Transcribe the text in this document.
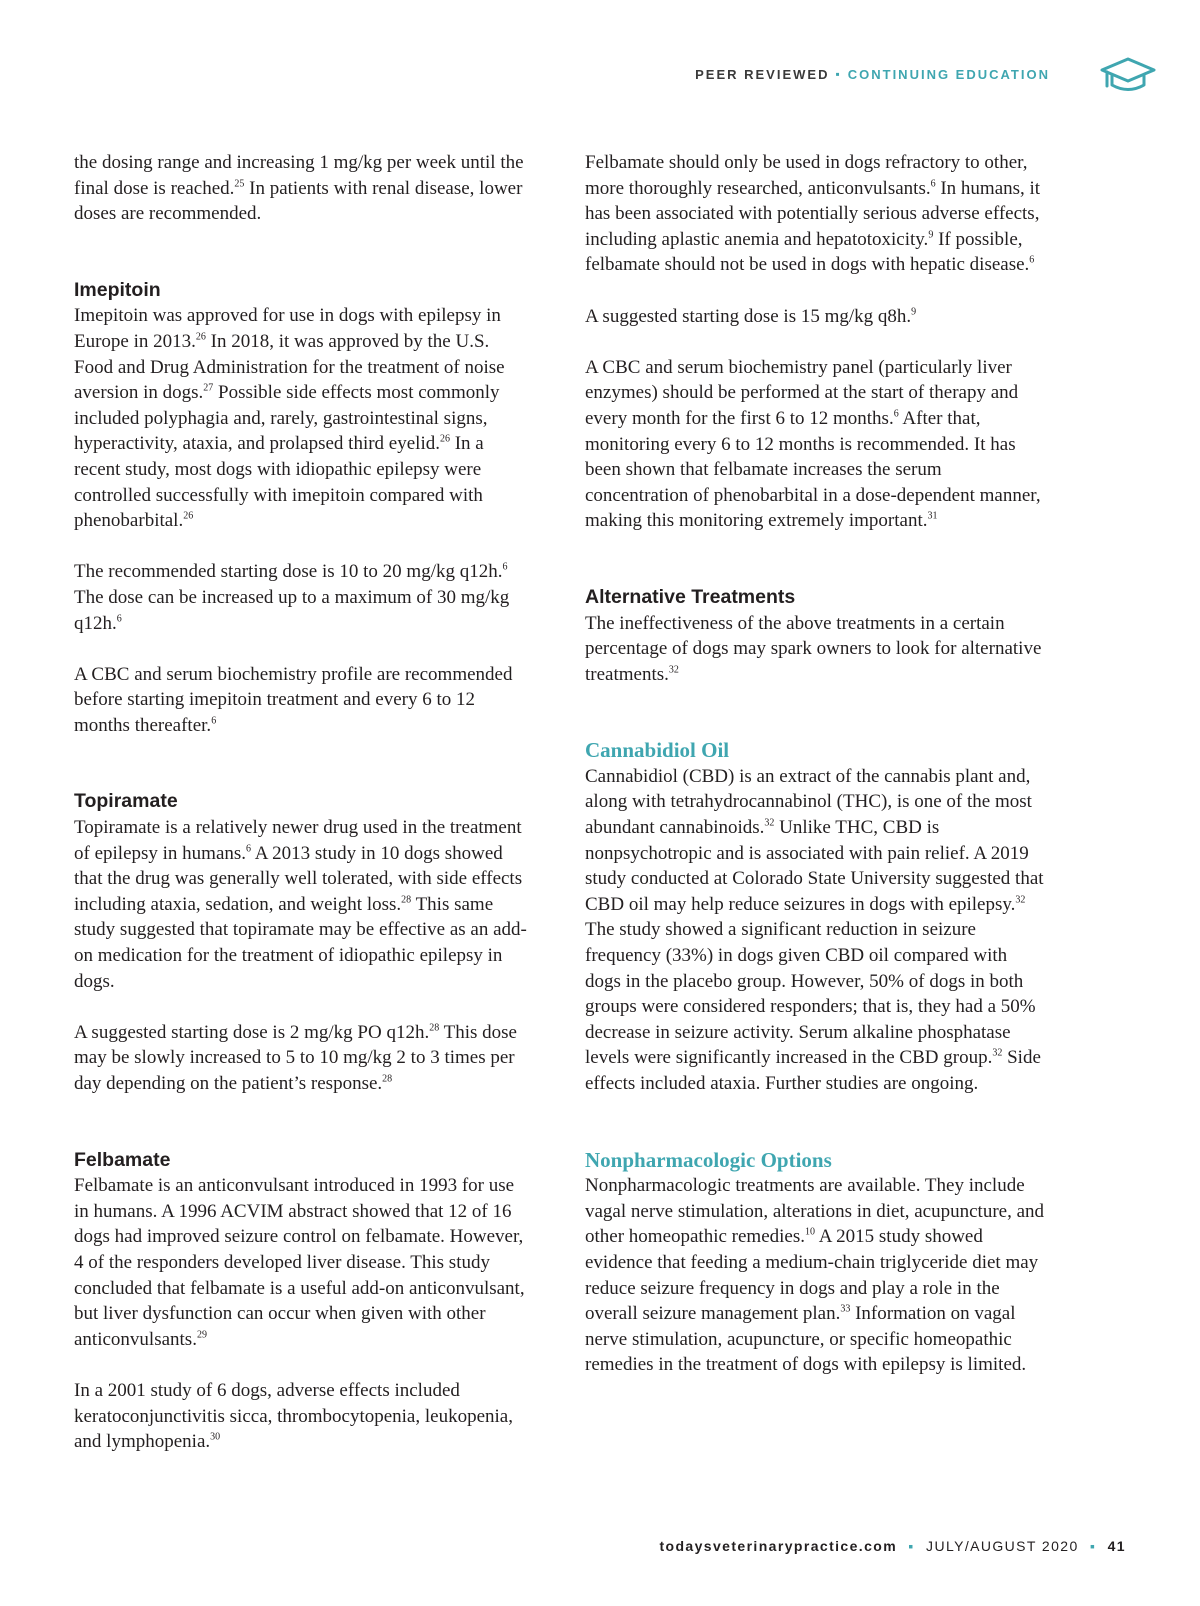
PEER REVIEWED ▪ CONTINUING EDUCATION

the dosing range and increasing 1 mg/kg per week until the final dose is reached.$^{25}$ In patients with renal disease, lower doses are recommended.

Imepitoin

Imepitoin was approved for use in dogs with epilepsy in Europe in 2013.26 In 2018, it was approved by the U.S. Food and Drug Administration for the treatment of noise aversion in dogs.$^{27}$ Possible side effects most commonly included polyphagia and, rarely, gastrointestinal signs, hyperactivity, ataxia, and prolapsed third eyelid.$^{26}$ In a recent study, most dogs with idiopathic epilepsy were controlled successfully with imepitoin compared with phenobarbital.$^{26}$

The recommended starting dose is 10 to 20 mg/kg q12h.$^6$ The dose can be increased up to a maximum of 30 mg/kg q12h.$^6$

A CBC and serum biochemistry profile are recommended before starting imepitoin treatment and every 6 to 12 months thereafter.$^6$

Topiramate

Topiramate is a relatively newer drug used in the treatment of epilepsy in humans.$^6$ A 2013 study in 10 dogs showed that the drug was generally well tolerated, with side effects including ataxia, sedation, and weight loss.$^{28}$ This same study suggested that topiramate may be effective as an add-on medication for the treatment of idiopathic epilepsy in dogs.

A suggested starting dose is 2 mg/kg PO q12h.$^{28}$ This dose may be slowly increased to 5 to 10 mg/kg 2 to 3 times per day depending on the patient’s response.$^{28}$

Felbamate

Felbamate is an anticonvulsant introduced in 1993 for use in humans. A 1996 ACVIM abstract showed that 12 of 16 dogs had improved seizure control on felbamate. However, 4 of the responders developed liver disease. This study concluded that felbamate is a useful add-on anticonvulsant, but liver dysfunction can occur when given with other anticonvulsants.$^{29}$

In a 2001 study of 6 dogs, adverse effects included keratoconjunctivitis sicca, thrombocytopenia, leukopenia, and lymphopenia.$^{30}$

Felbamate should only be used in dogs refractory to other, more thoroughly researched, anticonvulsants.$^6$ In humans, it has been associated with potentially serious adverse effects, including aplastic anemia and hepatotoxicity.$^9$ If possible, felbamate should not be used in dogs with hepatic disease.$^6$

A suggested starting dose is 15 mg/kg q8h.$^9$

A CBC and serum biochemistry panel (particularly liver enzymes) should be performed at the start of therapy and every month for the first 6 to 12 months.$^6$ After that, monitoring every 6 to 12 months is recommended. It has been shown that felbamate increases the serum concentration of phenobarbital in a dose-dependent manner, making this monitoring extremely important.$^{31}$

Alternative Treatments

The ineffectiveness of the above treatments in a certain percentage of dogs may spark owners to look for alternative treatments.$^{32}$

Cannabidiol Oil

Cannabidiol (CBD) is an extract of the cannabis plant and, along with tetrahydrocannabinol (THC), is one of the most abundant cannabinoids.$^{32}$ Unlike THC, CBD is nonpsychotropic and is associated with pain relief. A 2019 study conducted at Colorado State University suggested that CBD oil may help reduce seizures in dogs with epilepsy.$^{32}$ The study showed a significant reduction in seizure frequency (33%) in dogs given CBD oil compared with dogs in the placebo group. However, 50% of dogs in both groups were considered responders; that is, they had a 50% decrease in seizure activity. Serum alkaline phosphatase levels were significantly increased in the CBD group.$^{32}$ Side effects included ataxia. Further studies are ongoing.

Nonpharmacologic Options

Nonpharmacologic treatments are available. They include vagal nerve stimulation, alterations in diet, acupuncture, and other homeopathic remedies.$^{10}$ A 2015 study showed evidence that feeding a medium-chain triglyceride diet may reduce seizure frequency in dogs and play a role in the overall seizure management plan.$^{33}$ Information on vagal nerve stimulation, acupuncture, or specific homeopathic remedies in the treatment of dogs with epilepsy is limited.

todaysveterinarypractice.com ▪ JULY/AUGUST 2020 ▪ 41
